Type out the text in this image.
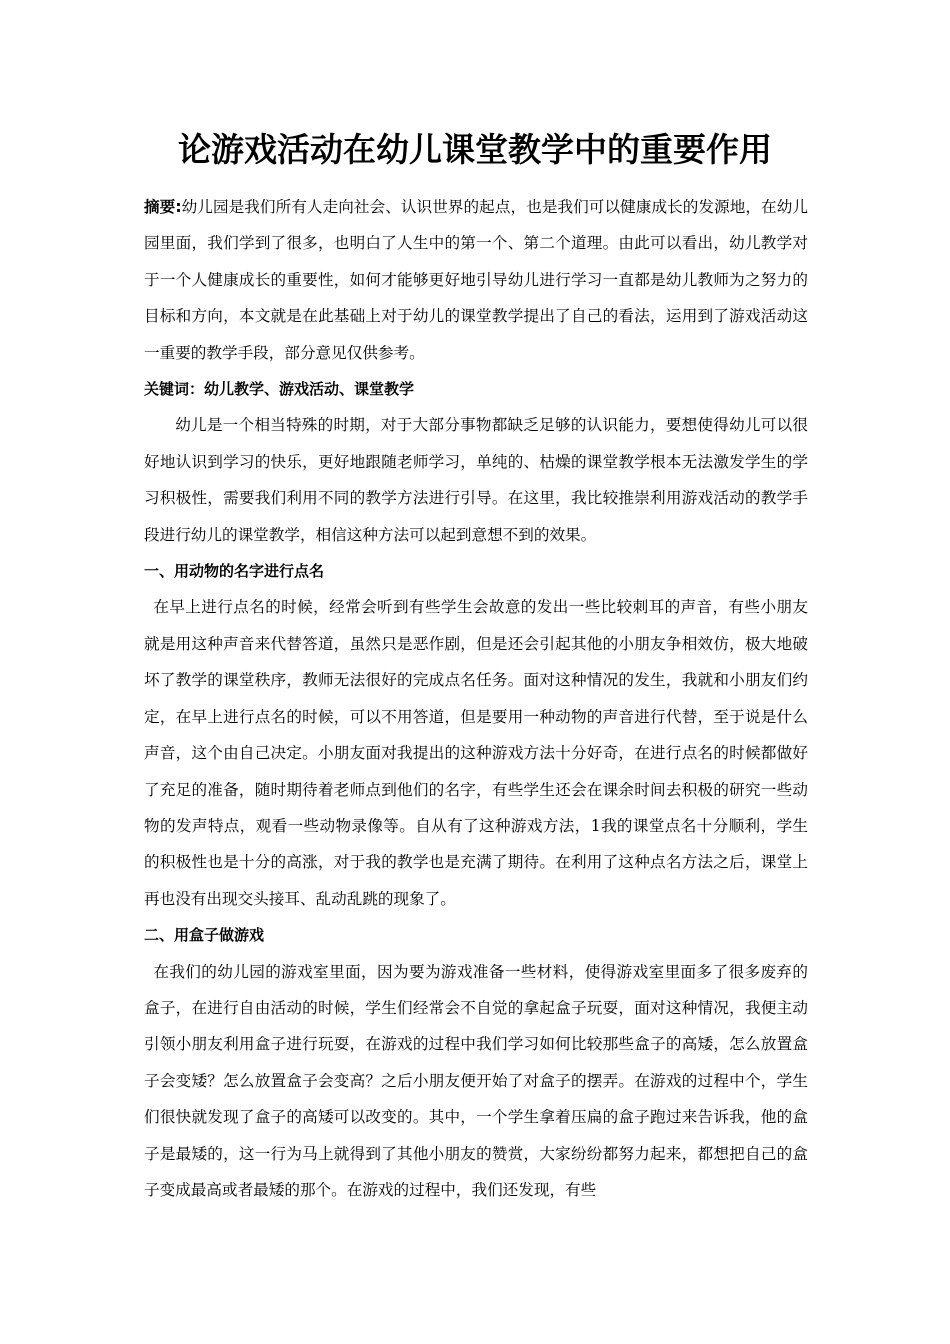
论游戏活动在幼儿课堂教学中的重要作用

摘要:幼儿园是我们所有人走向社会、认识世界的起点，也是我们可以健康成长的发源地，在幼儿园里面，我们学到了很多，也明白了人生中的第一个、第二个道理。由此可以看出，幼儿教学对于一个人健康成长的重要性，如何才能够更好地引导幼儿进行学习一直都是幼儿教师为之努力的目标和方向，本文就是在此基础上对于幼儿的课堂教学提出了自己的看法，运用到了游戏活动这一重要的教学手段，部分意见仅供参考。

关键词：幼儿教学、游戏活动、课堂教学

幼儿是一个相当特殊的时期，对于大部分事物都缺乏足够的认识能力，要想使得幼儿可以很好地认识到学习的快乐，更好地跟随老师学习，单纯的、枯燥的课堂教学根本无法激发学生的学习积极性，需要我们利用不同的教学方法进行引导。在这里，我比较推崇利用游戏活动的教学手段进行幼儿的课堂教学，相信这种方法可以起到意想不到的效果。

一、用动物的名字进行点名

在早上进行点名的时候，经常会听到有些学生会故意的发出一些比较刺耳的声音，有些小朋友就是用这种声音来代替答道，虽然只是恶作剧，但是还会引起其他的小朋友争相效仿，极大地破坏了教学的课堂秩序，教师无法很好的完成点名任务。面对这种情况的发生，我就和小朋友们约定，在早上进行点名的时候，可以不用答道，但是要用一种动物的声音进行代替，至于说是什么声音，这个由自己决定。小朋友面对我提出的这种游戏方法十分好奇，在进行点名的时候都做好了充足的准备，随时期待着老师点到他们的名字，有些学生还会在课余时间去积极的研究一些动物的发声特点，观看一些动物录像等。自从有了这种游戏方法，1我的课堂点名十分顺利，学生的积极性也是十分的高涨，对于我的教学也是充满了期待。在利用了这种点名方法之后，课堂上再也没有出现交头接耳、乱动乱跳的现象了。

二、用盒子做游戏

在我们的幼儿园的游戏室里面，因为要为游戏准备一些材料，使得游戏室里面多了很多废弃的盒子，在进行自由活动的时候，学生们经常会不自觉的拿起盒子玩耍，面对这种情况，我便主动引领小朋友利用盒子进行玩耍，在游戏的过程中我们学习如何比较那些盒子的高矮，怎么放置盒子会变矮？怎么放置盒子会变高？之后小朋友便开始了对盒子的摆弄。在游戏的过程中个，学生们很快就发现了盒子的高矮可以改变的。其中，一个学生拿着压扁的盒子跑过来告诉我，他的盒子是最矮的，这一行为马上就得到了其他小朋友的赞赏，大家纷纷都努力起来，都想把自己的盒子变成最高或者最矮的那个。在游戏的过程中，我们还发现，有些
